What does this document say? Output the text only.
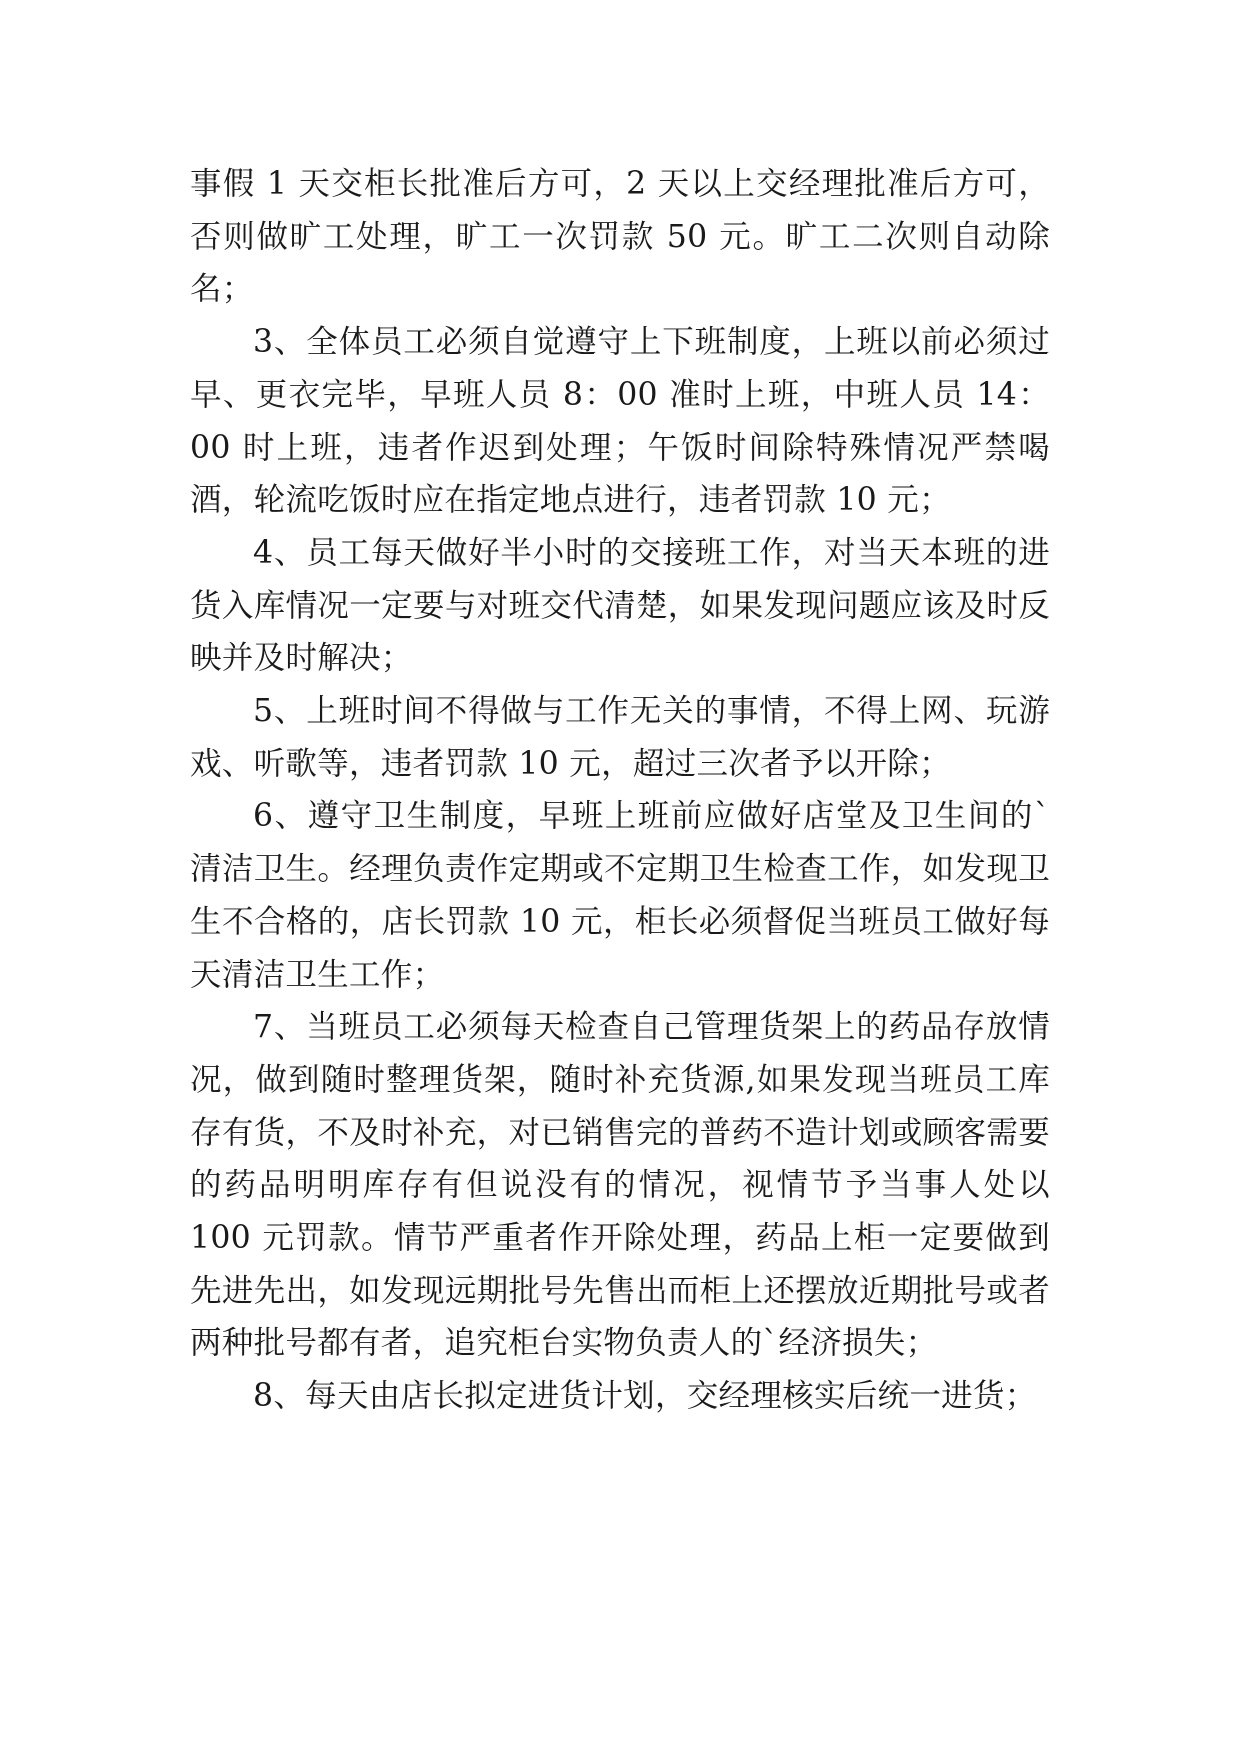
事假 1 天交柜长批准后方可，2 天以上交经理批准后方可，否则做旷工处理，旷工一次罚款 50 元。旷工二次则自动除名；

3、全体员工必须自觉遵守上下班制度，上班以前必须过早、更衣完毕，早班人员 8：00 准时上班，中班人员 14：00 时上班，违者作迟到处理；午饭时间除特殊情况严禁喝酒，轮流吃饭时应在指定地点进行，违者罚款 10 元；

4、员工每天做好半小时的交接班工作，对当天本班的进货入库情况一定要与对班交代清楚，如果发现问题应该及时反映并及时解决；

5、上班时间不得做与工作无关的事情，不得上网、玩游戏、听歌等，违者罚款 10 元，超过三次者予以开除；

6、遵守卫生制度，早班上班前应做好店堂及卫生间的`清洁卫生。经理负责作定期或不定期卫生检查工作，如发现卫生不合格的，店长罚款 10 元，柜长必须督促当班员工做好每天清洁卫生工作；

7、当班员工必须每天检查自己管理货架上的药品存放情况，做到随时整理货架，随时补充货源,如果发现当班员工库存有货，不及时补充，对已销售完的普药不造计划或顾客需要的药品明明库存有但说没有的情况，视情节予当事人处以 100 元罚款。情节严重者作开除处理，药品上柜一定要做到先进先出，如发现远期批号先售出而柜上还摆放近期批号或者两种批号都有者，追究柜台实物负责人的`经济损失；

8、每天由店长拟定进货计划，交经理核实后统一进货；
